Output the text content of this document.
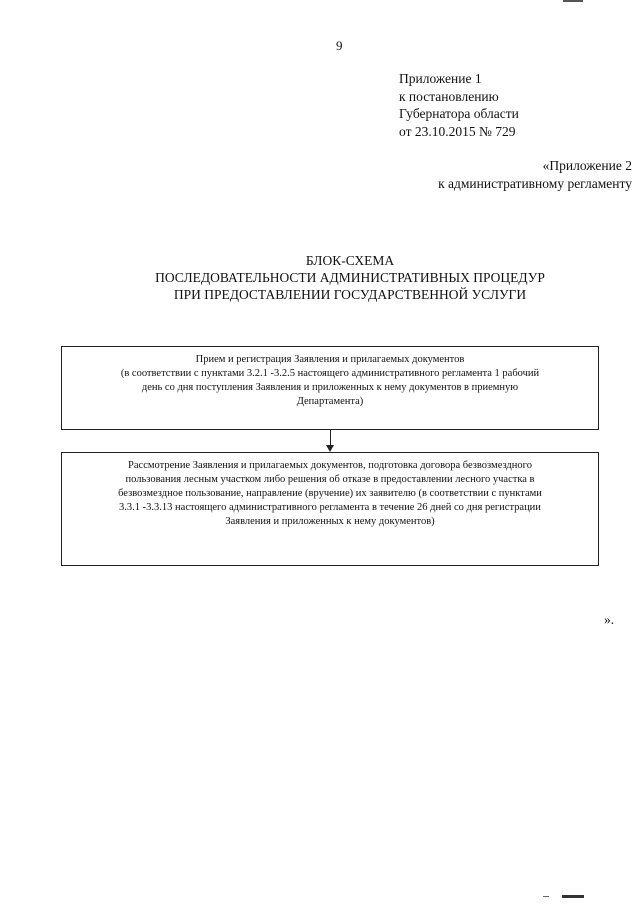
9
Приложение 1
к постановлению
Губернатора области
от 23.10.2015 № 729
«Приложение 2
к административному регламенту
БЛОК-СХЕМА
ПОСЛЕДОВАТЕЛЬНОСТИ АДМИНИСТРАТИВНЫХ ПРОЦЕДУР
ПРИ ПРЕДОСТАВЛЕНИИ ГОСУДАРСТВЕННОЙ УСЛУГИ
Прием и регистрация Заявления и прилагаемых документов
(в соответствии с пунктами 3.2.1 -3.2.5 настоящего административного регламента 1 рабочий
день со дня поступления Заявления и приложенных к нему документов в приемную
Департамента)
Рассмотрение Заявления и прилагаемых документов, подготовка договора безвозмездного
пользования лесным участком либо решения об отказе в предоставлении лесного участка в
безвозмездное пользование, направление (вручение) их заявителю (в соответствии с пунктами
3.3.1 -3.3.13 настоящего административного регламента в течение 26 дней со дня регистрации
Заявления и приложенных к нему документов)
».
